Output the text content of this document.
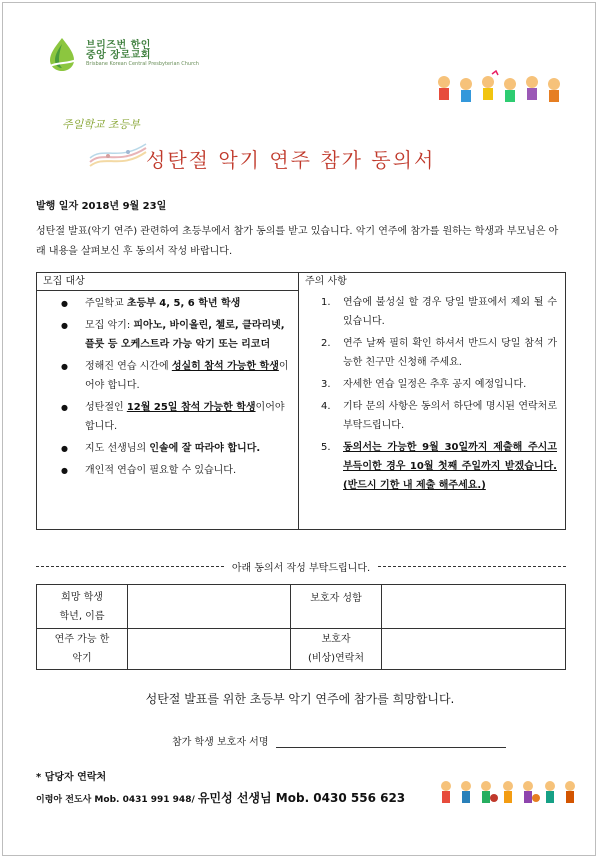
브리즈번 한인
중앙 장로교회
Brisbane Korean Central Presbyterian Church
주일학교 초등부
성탄절 악기 연주 참가 동의서
발행 일자 2018년 9월 23일
성탄절 발표(악기 연주) 관련하여 초등부에서 참가 동의를 받고 있습니다. 악기 연주에 참가를 원하는 학생과 부모님은 아래 내용을 살펴보신 후 동의서 작성 바랍니다.
모집 대상
● 주일학교 초등부 4, 5, 6 학년 학생
● 모집 악기: 피아노, 바이올린, 첼로, 클라리넷, 플룻 등 오케스트라 가능 악기 또는 리코더
● 정해진 연습 시간에 성실히 참석 가능한 학생이어야 합니다.
● 성탄절인 12월 25일 참석 가능한 학생이어야 합니다.
● 지도 선생님의 인솔에 잘 따라야 합니다.
● 개인적 연습이 필요할 수 있습니다.
주의 사항
1. 연습에 불성실 할 경우 당일 발표에서 제외 될 수 있습니다.
2. 연주 날짜 필히 확인 하셔서 반드시 당일 참석 가능한 친구만 신청해 주세요.
3. 자세한 연습 일정은 추후 공지 예정입니다.
4. 기타 문의 사항은 동의서 하단에 명시된 연락처로 부탁드립니다.
5. 동의서는 가능한 9월 30일까지 제출해 주시고 부득이한 경우 10월 첫째 주일까지 받겠습니다. (반드시 기한 내 제출 해주세요.)
아래 동의서 작성 부탁드립니다.
희망 학생
학년, 이름		보호자 성함	
연주 가능 한
악기		보호자
(비상)연락처	
성탄절 발표를 위한 초등부 악기 연주에 참가를 희망합니다.
참가 학생 보호자 서명
* 담당자 연락처
이령아 전도사 Mob. 0431 991 948/ 유민성 선생님 Mob. 0430 556 623
